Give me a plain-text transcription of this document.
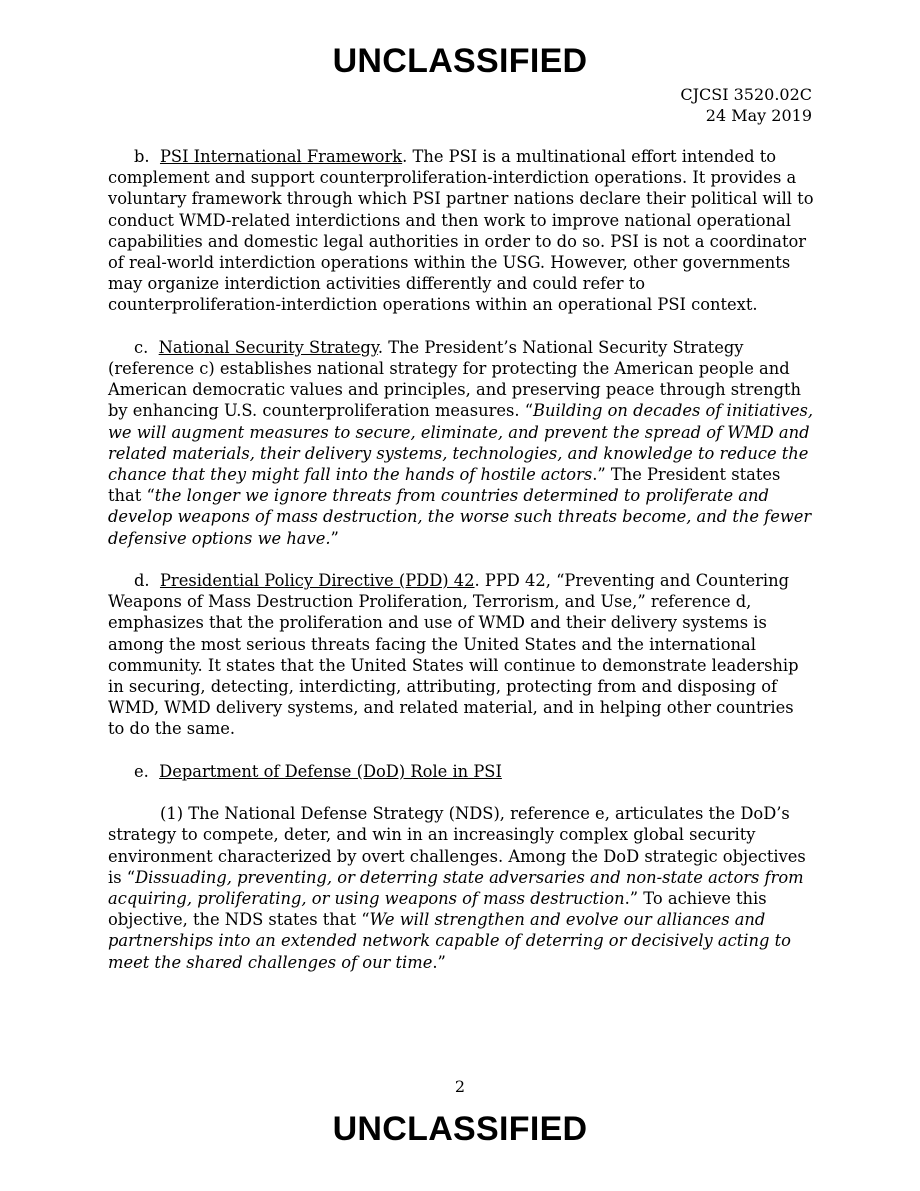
UNCLASSIFIED
CJCSI 3520.02C
24 May 2019

b. PSI International Framework. The PSI is a multinational effort intended to complement and support counterproliferation-interdiction operations. It provides a voluntary framework through which PSI partner nations declare their political will to conduct WMD-related interdictions and then work to improve national operational capabilities and domestic legal authorities in order to do so. PSI is not a coordinator of real-world interdiction operations within the USG. However, other governments may organize interdiction activities differently and could refer to counterproliferation-interdiction operations within an operational PSI context.

c. National Security Strategy. The President’s National Security Strategy (reference c) establishes national strategy for protecting the American people and American democratic values and principles, and preserving peace through strength by enhancing U.S. counterproliferation measures. “Building on decades of initiatives, we will augment measures to secure, eliminate, and prevent the spread of WMD and related materials, their delivery systems, technologies, and knowledge to reduce the chance that they might fall into the hands of hostile actors.” The President states that “the longer we ignore threats from countries determined to proliferate and develop weapons of mass destruction, the worse such threats become, and the fewer defensive options we have.”

d. Presidential Policy Directive (PDD) 42. PPD 42, “Preventing and Countering Weapons of Mass Destruction Proliferation, Terrorism, and Use,” reference d, emphasizes that the proliferation and use of WMD and their delivery systems is among the most serious threats facing the United States and the international community. It states that the United States will continue to demonstrate leadership in securing, detecting, interdicting, attributing, protecting from and disposing of WMD, WMD delivery systems, and related material, and in helping other countries to do the same.

e. Department of Defense (DoD) Role in PSI

(1) The National Defense Strategy (NDS), reference e, articulates the DoD’s strategy to compete, deter, and win in an increasingly complex global security environment characterized by overt challenges. Among the DoD strategic objectives is “Dissuading, preventing, or deterring state adversaries and non-state actors from acquiring, proliferating, or using weapons of mass destruction.” To achieve this objective, the NDS states that “We will strengthen and evolve our alliances and partnerships into an extended network capable of deterring or decisively acting to meet the shared challenges of our time.”

2
UNCLASSIFIED
